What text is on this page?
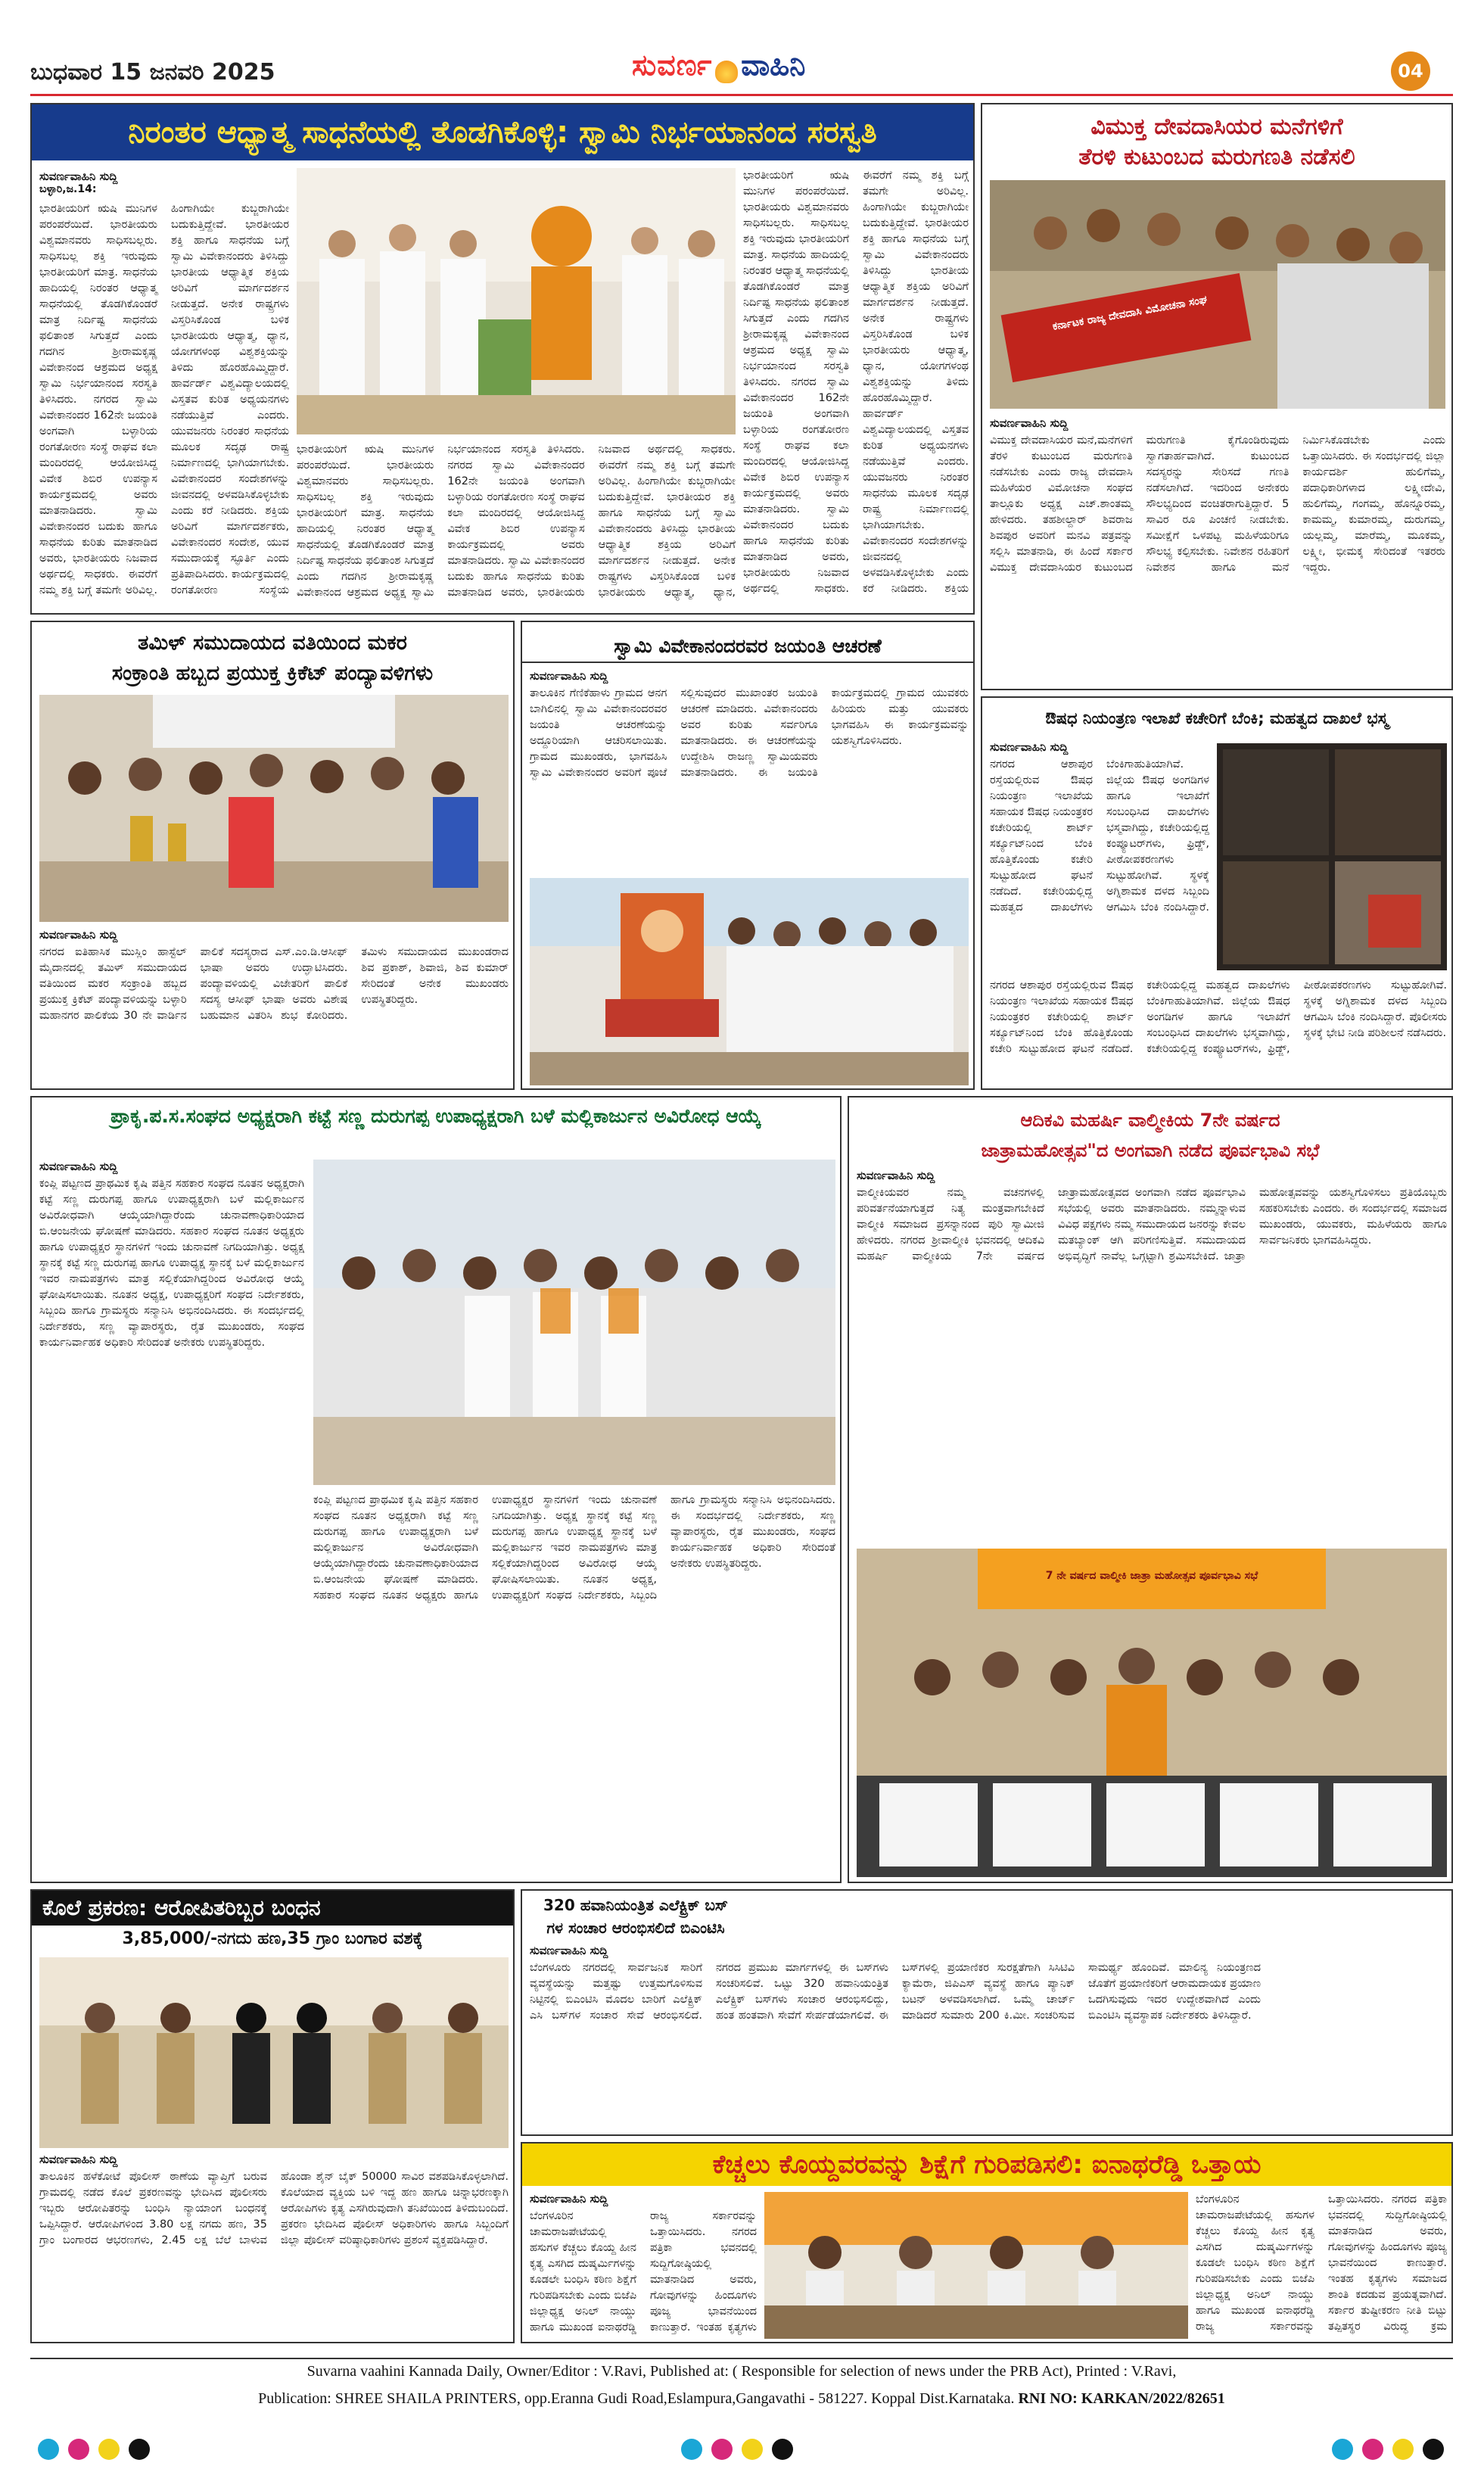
ಬುಧವಾರ 15 ಜನವರಿ 2025	ಸುವರ್ಣ ವಾಹಿನಿ	04
ನಿರಂತರ ಆಧ್ಯಾತ್ಮ ಸಾಧನೆಯಲ್ಲಿ ತೊಡಗಿಕೊಳ್ಳಿ: ಸ್ವಾಮಿ ನಿರ್ಭಯಾನಂದ ಸರಸ್ವತಿ
ಸುವರ್ಣವಾಹಿನಿ ಸುದ್ದಿ
ಬಳ್ಳಾರಿ,ಜ.14:
ಭಾರತೀಯರಿಗೆ ಋಷಿ ಮುನಿಗಳ ಪರಂಪರೆಯಿದೆ. ಭಾರತೀಯರು ವಿಶ್ವಮಾನವರು ಸಾಧಿಸಬಲ್ಲರು. ಸಾಧಿಸಬಲ್ಲ ಶಕ್ತಿ ಇರುವುದು ಭಾರತೀಯರಿಗೆ ಮಾತ್ರ. ಸಾಧನೆಯ ಹಾದಿಯಲ್ಲಿ ನಿರಂತರ ಆಧ್ಯಾತ್ಮ ಸಾಧನೆಯಲ್ಲಿ ತೊಡಗಿಕೊಂಡರೆ ಮಾತ್ರ ನಿರ್ದಿಷ್ಟ ಸಾಧನೆಯ ಫಲಿತಾಂಶ ಸಿಗುತ್ತದೆ ಎಂದು ಗದಗಿನ ಶ್ರೀರಾಮಕೃಷ್ಣ ವಿವೇಕಾನಂದ ಆಶ್ರಮದ ಅಧ್ಯಕ್ಷ ಸ್ವಾಮಿ ನಿರ್ಭಯಾನಂದ ಸರಸ್ವತಿ ತಿಳಿಸಿದರು. ನಗರದ ಸ್ವಾಮಿ ವಿವೇಕಾನಂದರ 162ನೇ ಜಯಂತಿ ಅಂಗವಾಗಿ ಬಳ್ಳಾರಿಯ ರಂಗತೋರಣ ಸಂಸ್ಥೆ ರಾಘವ ಕಲಾ ಮಂದಿರದಲ್ಲಿ ಆಯೋಜಿಸಿದ್ದ ವಿವೇಕ ಶಿಬಿರ ಉಪನ್ಯಾಸ ಕಾರ್ಯಕ್ರಮದಲ್ಲಿ ಅವರು ಮಾತನಾಡಿದರು. ಸ್ವಾಮಿ ವಿವೇಕಾನಂದರ ಬದುಕು ಹಾಗೂ ಸಾಧನೆಯ ಕುರಿತು ಮಾತನಾಡಿದ ಅವರು, ಭಾರತೀಯರು ನಿಜವಾದ ಅರ್ಥದಲ್ಲಿ ಸಾಧಕರು. ಈವರೆಗೆ ನಮ್ಮ ಶಕ್ತಿ ಬಗ್ಗೆ ತಮಗೇ ಅರಿವಿಲ್ಲ. ಹಿಂಗಾಗಿಯೇ ಕುಬ್ಜರಾಗಿಯೇ ಬದುಕುತ್ತಿದ್ದೇವೆ. ಭಾರತೀಯರ ಶಕ್ತಿ ಹಾಗೂ ಸಾಧನೆಯ ಬಗ್ಗೆ ಸ್ವಾಮಿ ವಿವೇಕಾನಂದರು ತಿಳಿಸಿದ್ದು ಭಾರತೀಯ ಆಧ್ಯಾತ್ಮಿಕ ಶಕ್ತಿಯ ಅರಿವಿಗೆ ಮಾರ್ಗದರ್ಶನ ನೀಡುತ್ತದೆ. ಅನೇಕ ರಾಷ್ಟ್ರಗಳು ವಿಸ್ತರಿಸಿಕೊಂಡ ಬಳಿಕ ಭಾರತೀಯರು ಆಧ್ಯಾತ್ಮ, ಧ್ಯಾನ, ಯೋಗಗಳಂಥ ವಿಶ್ವಶಕ್ತಿಯನ್ನು ತಿಳಿದು ಹೊರಹೊಮ್ಮಿದ್ದಾರೆ. ಹಾರ್ವರ್ಡ್ ವಿಶ್ವವಿದ್ಯಾಲಯದಲ್ಲಿ ವಿಸ್ತತವ ಕುರಿತ ಅಧ್ಯಯನಗಳು ನಡೆಯುತ್ತಿವೆ ಎಂದರು. ಯುವಜನರು ನಿರಂತರ ಸಾಧನೆಯ ಮೂಲಕ ಸದೃಢ ರಾಷ್ಟ್ರ ನಿರ್ಮಾಣದಲ್ಲಿ ಭಾಗಿಯಾಗಬೇಕು. ವಿವೇಕಾನಂದರ ಸಂದೇಶಗಳನ್ನು ಜೀವನದಲ್ಲಿ ಅಳವಡಿಸಿಕೊಳ್ಳಬೇಕು ಎಂದು ಕರೆ ನೀಡಿದರು. ಶಕ್ತಿಯ ಅರಿವಿಗೆ ಮಾರ್ಗದರ್ಶಕರು, ವಿವೇಕಾನಂದರ ಸಂದೇಶ, ಯುವ ಸಮುದಾಯಕ್ಕೆ ಸ್ಫೂರ್ತಿ ಎಂದು ಪ್ರತಿಪಾದಿಸಿದರು. ಕಾರ್ಯಕ್ರಮದಲ್ಲಿ ರಂಗತೋರಣ ಸಂಸ್ಥೆಯ
ಭಾರತೀಯರಿಗೆ ಋಷಿ ಮುನಿಗಳ ಪರಂಪರೆಯಿದೆ. ಭಾರತೀಯರು ವಿಶ್ವಮಾನವರು ಸಾಧಿಸಬಲ್ಲರು. ಸಾಧಿಸಬಲ್ಲ ಶಕ್ತಿ ಇರುವುದು ಭಾರತೀಯರಿಗೆ ಮಾತ್ರ. ಸಾಧನೆಯ ಹಾದಿಯಲ್ಲಿ ನಿರಂತರ ಆಧ್ಯಾತ್ಮ ಸಾಧನೆಯಲ್ಲಿ ತೊಡಗಿಕೊಂಡರೆ ಮಾತ್ರ ನಿರ್ದಿಷ್ಟ ಸಾಧನೆಯ ಫಲಿತಾಂಶ ಸಿಗುತ್ತದೆ ಎಂದು ಗದಗಿನ ಶ್ರೀರಾಮಕೃಷ್ಣ ವಿವೇಕಾನಂದ ಆಶ್ರಮದ ಅಧ್ಯಕ್ಷ ಸ್ವಾಮಿ ನಿರ್ಭಯಾನಂದ ಸರಸ್ವತಿ ತಿಳಿಸಿದರು. ನಗರದ ಸ್ವಾಮಿ ವಿವೇಕಾನಂದರ 162ನೇ ಜಯಂತಿ ಅಂಗವಾಗಿ ಬಳ್ಳಾರಿಯ ರಂಗತೋರಣ ಸಂಸ್ಥೆ ರಾಘವ ಕಲಾ ಮಂದಿರದಲ್ಲಿ ಆಯೋಜಿಸಿದ್ದ ವಿವೇಕ ಶಿಬಿರ ಉಪನ್ಯಾಸ ಕಾರ್ಯಕ್ರಮದಲ್ಲಿ ಅವರು ಮಾತನಾಡಿದರು. ಸ್ವಾಮಿ ವಿವೇಕಾನಂದರ ಬದುಕು ಹಾಗೂ ಸಾಧನೆಯ ಕುರಿತು ಮಾತನಾಡಿದ ಅವರು, ಭಾರತೀಯರು ನಿಜವಾದ ಅರ್ಥದಲ್ಲಿ ಸಾಧಕರು. ಈವರೆಗೆ ನಮ್ಮ ಶಕ್ತಿ ಬಗ್ಗೆ ತಮಗೇ ಅರಿವಿಲ್ಲ. ಹಿಂಗಾಗಿಯೇ ಕುಬ್ಜರಾಗಿಯೇ ಬದುಕುತ್ತಿದ್ದೇವೆ. ಭಾರತೀಯರ ಶಕ್ತಿ ಹಾಗೂ ಸಾಧನೆಯ ಬಗ್ಗೆ ಸ್ವಾಮಿ ವಿವೇಕಾನಂದರು ತಿಳಿಸಿದ್ದು ಭಾರತೀಯ ಆಧ್ಯಾತ್ಮಿಕ ಶಕ್ತಿಯ ಅರಿವಿಗೆ ಮಾರ್ಗದರ್ಶನ ನೀಡುತ್ತದೆ. ಅನೇಕ ರಾಷ್ಟ್ರಗಳು ವಿಸ್ತರಿಸಿಕೊಂಡ ಬಳಿಕ ಭಾರತೀಯರು ಆಧ್ಯಾತ್ಮ, ಧ್ಯಾನ,
ಭಾರತೀಯರಿಗೆ ಋಷಿ ಮುನಿಗಳ ಪರಂಪರೆಯಿದೆ. ಭಾರತೀಯರು ವಿಶ್ವಮಾನವರು ಸಾಧಿಸಬಲ್ಲರು. ಸಾಧಿಸಬಲ್ಲ ಶಕ್ತಿ ಇರುವುದು ಭಾರತೀಯರಿಗೆ ಮಾತ್ರ. ಸಾಧನೆಯ ಹಾದಿಯಲ್ಲಿ ನಿರಂತರ ಆಧ್ಯಾತ್ಮ ಸಾಧನೆಯಲ್ಲಿ ತೊಡಗಿಕೊಂಡರೆ ಮಾತ್ರ ನಿರ್ದಿಷ್ಟ ಸಾಧನೆಯ ಫಲಿತಾಂಶ ಸಿಗುತ್ತದೆ ಎಂದು ಗದಗಿನ ಶ್ರೀರಾಮಕೃಷ್ಣ ವಿವೇಕಾನಂದ ಆಶ್ರಮದ ಅಧ್ಯಕ್ಷ ಸ್ವಾಮಿ ನಿರ್ಭಯಾನಂದ ಸರಸ್ವತಿ ತಿಳಿಸಿದರು. ನಗರದ ಸ್ವಾಮಿ ವಿವೇಕಾನಂದರ 162ನೇ ಜಯಂತಿ ಅಂಗವಾಗಿ ಬಳ್ಳಾರಿಯ ರಂಗತೋರಣ ಸಂಸ್ಥೆ ರಾಘವ ಕಲಾ ಮಂದಿರದಲ್ಲಿ ಆಯೋಜಿಸಿದ್ದ ವಿವೇಕ ಶಿಬಿರ ಉಪನ್ಯಾಸ ಕಾರ್ಯಕ್ರಮದಲ್ಲಿ ಅವರು ಮಾತನಾಡಿದರು. ಸ್ವಾಮಿ ವಿವೇಕಾನಂದರ ಬದುಕು ಹಾಗೂ ಸಾಧನೆಯ ಕುರಿತು ಮಾತನಾಡಿದ ಅವರು, ಭಾರತೀಯರು ನಿಜವಾದ ಅರ್ಥದಲ್ಲಿ ಸಾಧಕರು. ಈವರೆಗೆ ನಮ್ಮ ಶಕ್ತಿ ಬಗ್ಗೆ ತಮಗೇ ಅರಿವಿಲ್ಲ. ಹಿಂಗಾಗಿಯೇ ಕುಬ್ಜರಾಗಿಯೇ ಬದುಕುತ್ತಿದ್ದೇವೆ. ಭಾರತೀಯರ ಶಕ್ತಿ ಹಾಗೂ ಸಾಧನೆಯ ಬಗ್ಗೆ ಸ್ವಾಮಿ ವಿವೇಕಾನಂದರು ತಿಳಿಸಿದ್ದು ಭಾರತೀಯ ಆಧ್ಯಾತ್ಮಿಕ ಶಕ್ತಿಯ ಅರಿವಿಗೆ ಮಾರ್ಗದರ್ಶನ ನೀಡುತ್ತದೆ. ಅನೇಕ ರಾಷ್ಟ್ರಗಳು ವಿಸ್ತರಿಸಿಕೊಂಡ ಬಳಿಕ ಭಾರತೀಯರು ಆಧ್ಯಾತ್ಮ, ಧ್ಯಾನ, ಯೋಗಗಳಂಥ ವಿಶ್ವಶಕ್ತಿಯನ್ನು ತಿಳಿದು ಹೊರಹೊಮ್ಮಿದ್ದಾರೆ. ಹಾರ್ವರ್ಡ್ ವಿಶ್ವವಿದ್ಯಾಲಯದಲ್ಲಿ ವಿಸ್ತತವ ಕುರಿತ ಅಧ್ಯಯನಗಳು ನಡೆಯುತ್ತಿವೆ ಎಂದರು. ಯುವಜನರು ನಿರಂತರ ಸಾಧನೆಯ ಮೂಲಕ ಸದೃಢ ರಾಷ್ಟ್ರ ನಿರ್ಮಾಣದಲ್ಲಿ ಭಾಗಿಯಾಗಬೇಕು. ವಿವೇಕಾನಂದರ ಸಂದೇಶಗಳನ್ನು ಜೀವನದಲ್ಲಿ ಅಳವಡಿಸಿಕೊಳ್ಳಬೇಕು ಎಂದು ಕರೆ ನೀಡಿದರು. ಶಕ್ತಿಯ
ವಿಮುಕ್ತ ದೇವದಾಸಿಯರ ಮನೆಗಳಿಗೆ
ತೆರಳಿ ಕುಟುಂಬದ ಮರುಗಣತಿ ನಡೆಸಲಿ
ಕರ್ನಾಟಕ ರಾಜ್ಯ ದೇವದಾಸಿ ವಿಮೋಚನಾ ಸಂಘ
ಸುವರ್ಣವಾಹಿನಿ ಸುದ್ದಿ
ವಿಮುಕ್ತ ದೇವದಾಸಿಯರ ಮನೆ,ಮನೆಗಳಿಗೆ ತೆರಳಿ ಕುಟುಂಬದ ಮರುಗಣತಿ ನಡೆಸಬೇಕು ಎಂದು ರಾಜ್ಯ ದೇವದಾಸಿ ಮಹಿಳೆಯರ ವಿಮೋಚನಾ ಸಂಘದ ತಾಲ್ಲೂಕು ಅಧ್ಯಕ್ಷ ಎಚ್.ಶಾಂತಮ್ಮ ಹೇಳಿದರು. ತಹಶೀಲ್ದಾರ್ ಶಿವರಾಜ ಶಿವಪುರ ಅವರಿಗೆ ಮನವಿ ಪತ್ರವನ್ನು ಸಲ್ಲಿಸಿ ಮಾತನಾಡಿ, ಈ ಹಿಂದೆ ಸರ್ಕಾರ ವಿಮುಕ್ತ ದೇವದಾಸಿಯರ ಕುಟುಂಬದ ಮರುಗಣತಿ ಕೈಗೊಂಡಿರುವುದು ಸ್ವಾಗತಾರ್ಹವಾಗಿದೆ. ಕುಟುಂಬದ ಸದಸ್ಯರನ್ನು ಸೇರಿಸದೆ ಗಣತಿ ನಡೆಸಲಾಗಿದೆ. ಇದರಿಂದ ಅನೇಕರು ಸೌಲಭ್ಯದಿಂದ ವಂಚಿತರಾಗುತ್ತಿದ್ದಾರೆ. 5 ಸಾವಿರ ರೂ ಪಿಂಚಣಿ ನೀಡಬೇಕು. ಸಮೀಕ್ಷೆಗೆ ಒಳಪಟ್ಟ ಮಹಿಳೆಯರಿಗೂ ಸೌಲಭ್ಯ ಕಲ್ಪಿಸಬೇಕು. ನಿವೇಶನ ರಹಿತರಿಗೆ ನಿವೇಶನ ಹಾಗೂ ಮನೆ ನಿರ್ಮಿಸಿಕೊಡಬೇಕು ಎಂದು ಒತ್ತಾಯಿಸಿದರು. ಈ ಸಂದರ್ಭದಲ್ಲಿ ಜಿಲ್ಲಾ ಕಾರ್ಯದರ್ಶಿ ಹುಲಿಗೆಮ್ಮ, ಪದಾಧಿಕಾರಿಗಳಾದ ಲಕ್ಷ್ಮೀದೇವಿ, ಹುಲಿಗೆಮ್ಮ, ಗಂಗಮ್ಮ, ಹೊನ್ನೂರಮ್ಮ, ಕಾಮಮ್ಮ, ಕುಮಾರಮ್ಮ, ದುರುಗಮ್ಮ, ಯಲ್ಲಮ್ಮ, ಮಾರೆಮ್ಮ, ಮೂಕಮ್ಮ, ಲಕ್ಷ್ಮೀ, ಭೀಮಕ್ಕ ಸೇರಿದಂತೆ ಇತರರು ಇದ್ದರು.
ತಮಿಳ್ ಸಮುದಾಯದ ವತಿಯಿಂದ ಮಕರ
ಸಂಕ್ರಾಂತಿ ಹಬ್ಬದ ಪ್ರಯುಕ್ತ ಕ್ರಿಕೆಟ್ ಪಂದ್ಯಾವಳಿಗಳು
ಸುವರ್ಣವಾಹಿನಿ ಸುದ್ದಿ
ನಗರದ ಐತಿಹಾಸಿಕ ಮುಸ್ಲಿಂ ಹಾಸ್ಟೆಲ್ ಮೈದಾನದಲ್ಲಿ ತಮಿಳ್ ಸಮುದಾಯದ ವತಿಯಿಂದ ಮಕರ ಸಂಕ್ರಾಂತಿ ಹಬ್ಬದ ಪ್ರಯುಕ್ತ ಕ್ರಿಕೆಟ್ ಪಂದ್ಯಾವಳಿಯನ್ನು ಬಳ್ಳಾರಿ ಮಹಾನಗರ ಪಾಲಿಕೆಯ 30 ನೇ ವಾರ್ಡಿನ ಪಾಲಿಕೆ ಸದಸ್ಯರಾದ ಎಸ್.ಎಂ.ಡಿ.ಆಸೀಫ್ ಭಾಷಾ ಅವರು ಉದ್ಘಾಟಿಸಿದರು. ಪಂದ್ಯಾವಳಿಯಲ್ಲಿ ವಿಜೇತರಿಗೆ ಪಾಲಿಕೆ ಸದಸ್ಯ ಆಸೀಫ್ ಭಾಷಾ ಅವರು ವಿಶೇಷ ಬಹುಮಾನ ವಿತರಿಸಿ ಶುಭ ಕೋರಿದರು. ತಮಿಳು ಸಮುದಾಯದ ಮುಖಂಡರಾದ ಶಿವ ಪ್ರಕಾಶ್, ಶಿವಾಜಿ, ಶಿವ ಕುಮಾರ್ ಸೇರಿದಂತೆ ಅನೇಕ ಮುಖಂಡರು ಉಪಸ್ಥಿತರಿದ್ದರು.
ಸ್ವಾಮಿ ವಿವೇಕಾನಂದರವರ ಜಯಂತಿ ಆಚರಣೆ
ಸುವರ್ಣವಾಹಿನಿ ಸುದ್ದಿ
ತಾಲೂಕಿನ ಗೆಣಿಕೆಹಾಳು ಗ್ರಾಮದ ಆನಗ ಬಾಗಿಲಿನಲ್ಲಿ ಸ್ವಾಮಿ ವಿವೇಕಾನಂದರವರ ಜಯಂತಿ ಆಚರಣೆಯನ್ನು ಅದ್ದೂರಿಯಾಗಿ ಆಚರಿಸಲಾಯಿತು. ಗ್ರಾಮದ ಮುಖಂಡರು, ಭಾಗವಹಿಸಿ ಸ್ವಾಮಿ ವಿವೇಕಾನಂದರ ಅವರಿಗೆ ಪೂಜೆ ಸಲ್ಲಿಸುವುದರ ಮುಖಾಂತರ ಜಯಂತಿ ಆಚರಣೆ ಮಾಡಿದರು. ವಿವೇಕಾನಂದರು ಅವರ ಕುರಿತು ಸರ್ವರಿಗೂ ಮಾತನಾಡಿದರು. ಈ ಆಚರಣೆಯನ್ನು ಉದ್ದೇಶಿಸಿ ರಾಜಣ್ಣ ಸ್ವಾಮಿಯವರು ಮಾತನಾಡಿದರು. ಈ ಜಯಂತಿ ಕಾರ್ಯಕ್ರಮದಲ್ಲಿ ಗ್ರಾಮದ ಯುವಕರು ಹಿರಿಯರು ಮತ್ತು ಯುವಕರು ಭಾಗವಹಿಸಿ ಈ ಕಾರ್ಯಕ್ರಮವನ್ನು ಯಶಸ್ವಿಗೊಳಿಸಿದರು.
ಔಷಧ ನಿಯಂತ್ರಣ ಇಲಾಖೆ ಕಚೇರಿಗೆ ಬೆಂಕಿ; ಮಹತ್ವದ ದಾಖಲೆ ಭಸ್ಮ
ಸುವರ್ಣವಾಹಿನಿ ಸುದ್ದಿ
ನಗರದ ಆಶಾಪುರ ರಸ್ತೆಯಲ್ಲಿರುವ ಔಷಧ ನಿಯಂತ್ರಣ ಇಲಾಖೆಯ ಸಹಾಯಕ ಔಷಧ ನಿಯಂತ್ರಕರ ಕಚೇರಿಯಲ್ಲಿ ಶಾರ್ಟ್ ಸರ್ಕ್ಯೂಟ್‌ನಿಂದ ಬೆಂಕಿ ಹೊತ್ತಿಕೊಂಡು ಕಚೇರಿ ಸುಟ್ಟುಹೋದ ಘಟನೆ ನಡೆದಿದೆ. ಕಚೇರಿಯಲ್ಲಿದ್ದ ಮಹತ್ವದ ದಾಖಲೆಗಳು ಬೆಂಕಿಗಾಹುತಿಯಾಗಿವೆ. ಜಿಲ್ಲೆಯ ಔಷಧ ಅಂಗಡಿಗಳ ಹಾಗೂ ಇಲಾಖೆಗೆ ಸಂಬಂಧಿಸಿದ ದಾಖಲೆಗಳು ಭಸ್ಮವಾಗಿದ್ದು, ಕಚೇರಿಯಲ್ಲಿದ್ದ ಕಂಪ್ಯೂಟರ್‌ಗಳು, ಫ್ರಿಡ್ಜ್, ಪೀಠೋಪಕರಣಗಳು ಸುಟ್ಟುಹೋಗಿವೆ. ಸ್ಥಳಕ್ಕೆ ಅಗ್ನಿಶಾಮಕ ದಳದ ಸಿಬ್ಬಂದಿ ಆಗಮಿಸಿ ಬೆಂಕಿ ನಂದಿಸಿದ್ದಾರೆ.
ನಗರದ ಆಶಾಪುರ ರಸ್ತೆಯಲ್ಲಿರುವ ಔಷಧ ನಿಯಂತ್ರಣ ಇಲಾಖೆಯ ಸಹಾಯಕ ಔಷಧ ನಿಯಂತ್ರಕರ ಕಚೇರಿಯಲ್ಲಿ ಶಾರ್ಟ್ ಸರ್ಕ್ಯೂಟ್‌ನಿಂದ ಬೆಂಕಿ ಹೊತ್ತಿಕೊಂಡು ಕಚೇರಿ ಸುಟ್ಟುಹೋದ ಘಟನೆ ನಡೆದಿದೆ. ಕಚೇರಿಯಲ್ಲಿದ್ದ ಮಹತ್ವದ ದಾಖಲೆಗಳು ಬೆಂಕಿಗಾಹುತಿಯಾಗಿವೆ. ಜಿಲ್ಲೆಯ ಔಷಧ ಅಂಗಡಿಗಳ ಹಾಗೂ ಇಲಾಖೆಗೆ ಸಂಬಂಧಿಸಿದ ದಾಖಲೆಗಳು ಭಸ್ಮವಾಗಿದ್ದು, ಕಚೇರಿಯಲ್ಲಿದ್ದ ಕಂಪ್ಯೂಟರ್‌ಗಳು, ಫ್ರಿಡ್ಜ್, ಪೀಠೋಪಕರಣಗಳು ಸುಟ್ಟುಹೋಗಿವೆ. ಸ್ಥಳಕ್ಕೆ ಅಗ್ನಿಶಾಮಕ ದಳದ ಸಿಬ್ಬಂದಿ ಆಗಮಿಸಿ ಬೆಂಕಿ ನಂದಿಸಿದ್ದಾರೆ. ಪೊಲೀಸರು ಸ್ಥಳಕ್ಕೆ ಭೇಟಿ ನೀಡಿ ಪರಿಶೀಲನೆ ನಡೆಸಿದರು.
ಪ್ರಾಕೃ.ಪ.ಸ.ಸಂಘದ ಅಧ್ಯಕ್ಷರಾಗಿ ಕಟ್ಟೆ ಸಣ್ಣ ದುರುಗಪ್ಪ ಉಪಾಧ್ಯಕ್ಷರಾಗಿ ಬಳೆ ಮಲ್ಲಿಕಾರ್ಜುನ ಅವಿರೋಧ ಆಯ್ಕೆ
ಸುವರ್ಣವಾಹಿನಿ ಸುದ್ದಿ
ಕಂಪ್ಲಿ ಪಟ್ಟಣದ ಪ್ರಾಥಮಿಕ ಕೃಷಿ ಪತ್ತಿನ ಸಹಕಾರ ಸಂಘದ ನೂತನ ಅಧ್ಯಕ್ಷರಾಗಿ ಕಟ್ಟೆ ಸಣ್ಣ ದುರುಗಪ್ಪ ಹಾಗೂ ಉಪಾಧ್ಯಕ್ಷರಾಗಿ ಬಳೆ ಮಲ್ಲಿಕಾರ್ಜುನ ಅವಿರೋಧವಾಗಿ ಆಯ್ಕೆಯಾಗಿದ್ದಾರೆಂದು ಚುನಾವಣಾಧಿಕಾರಿಯಾದ ಬಿ.ಆಂಜನೇಯ ಘೋಷಣೆ ಮಾಡಿದರು. ಸಹಕಾರ ಸಂಘದ ನೂತನ ಅಧ್ಯಕ್ಷರು ಹಾಗೂ ಉಪಾಧ್ಯಕ್ಷರ ಸ್ಥಾನಗಳಿಗೆ ಇಂದು ಚುನಾವಣೆ ನಿಗದಿಯಾಗಿತ್ತು. ಅಧ್ಯಕ್ಷ ಸ್ಥಾನಕ್ಕೆ ಕಟ್ಟೆ ಸಣ್ಣ ದುರುಗಪ್ಪ ಹಾಗೂ ಉಪಾಧ್ಯಕ್ಷ ಸ್ಥಾನಕ್ಕೆ ಬಳೆ ಮಲ್ಲಿಕಾರ್ಜುನ ಇವರ ನಾಮಪತ್ರಗಳು ಮಾತ್ರ ಸಲ್ಲಿಕೆಯಾಗಿದ್ದರಿಂದ ಅವಿರೋಧ ಆಯ್ಕೆ ಘೋಷಿಸಲಾಯಿತು. ನೂತನ ಅಧ್ಯಕ್ಷ, ಉಪಾಧ್ಯಕ್ಷರಿಗೆ ಸಂಘದ ನಿರ್ದೇಶಕರು, ಸಿಬ್ಬಂದಿ ಹಾಗೂ ಗ್ರಾಮಸ್ಥರು ಸನ್ಮಾನಿಸಿ ಅಭಿನಂದಿಸಿದರು. ಈ ಸಂದರ್ಭದಲ್ಲಿ ನಿರ್ದೇಶಕರು, ಸಣ್ಣ ವ್ಯಾಪಾರಸ್ಥರು, ರೈತ ಮುಖಂಡರು, ಸಂಘದ ಕಾರ್ಯನಿರ್ವಾಹಕ ಅಧಿಕಾರಿ ಸೇರಿದಂತೆ ಅನೇಕರು ಉಪಸ್ಥಿತರಿದ್ದರು.
ಕಂಪ್ಲಿ ಪಟ್ಟಣದ ಪ್ರಾಥಮಿಕ ಕೃಷಿ ಪತ್ತಿನ ಸಹಕಾರ ಸಂಘದ ನೂತನ ಅಧ್ಯಕ್ಷರಾಗಿ ಕಟ್ಟೆ ಸಣ್ಣ ದುರುಗಪ್ಪ ಹಾಗೂ ಉಪಾಧ್ಯಕ್ಷರಾಗಿ ಬಳೆ ಮಲ್ಲಿಕಾರ್ಜುನ ಅವಿರೋಧವಾಗಿ ಆಯ್ಕೆಯಾಗಿದ್ದಾರೆಂದು ಚುನಾವಣಾಧಿಕಾರಿಯಾದ ಬಿ.ಆಂಜನೇಯ ಘೋಷಣೆ ಮಾಡಿದರು. ಸಹಕಾರ ಸಂಘದ ನೂತನ ಅಧ್ಯಕ್ಷರು ಹಾಗೂ ಉಪಾಧ್ಯಕ್ಷರ ಸ್ಥಾನಗಳಿಗೆ ಇಂದು ಚುನಾವಣೆ ನಿಗದಿಯಾಗಿತ್ತು. ಅಧ್ಯಕ್ಷ ಸ್ಥಾನಕ್ಕೆ ಕಟ್ಟೆ ಸಣ್ಣ ದುರುಗಪ್ಪ ಹಾಗೂ ಉಪಾಧ್ಯಕ್ಷ ಸ್ಥಾನಕ್ಕೆ ಬಳೆ ಮಲ್ಲಿಕಾರ್ಜುನ ಇವರ ನಾಮಪತ್ರಗಳು ಮಾತ್ರ ಸಲ್ಲಿಕೆಯಾಗಿದ್ದರಿಂದ ಅವಿರೋಧ ಆಯ್ಕೆ ಘೋಷಿಸಲಾಯಿತು. ನೂತನ ಅಧ್ಯಕ್ಷ, ಉಪಾಧ್ಯಕ್ಷರಿಗೆ ಸಂಘದ ನಿರ್ದೇಶಕರು, ಸಿಬ್ಬಂದಿ ಹಾಗೂ ಗ್ರಾಮಸ್ಥರು ಸನ್ಮಾನಿಸಿ ಅಭಿನಂದಿಸಿದರು. ಈ ಸಂದರ್ಭದಲ್ಲಿ ನಿರ್ದೇಶಕರು, ಸಣ್ಣ ವ್ಯಾಪಾರಸ್ಥರು, ರೈತ ಮುಖಂಡರು, ಸಂಘದ ಕಾರ್ಯನಿರ್ವಾಹಕ ಅಧಿಕಾರಿ ಸೇರಿದಂತೆ ಅನೇಕರು ಉಪಸ್ಥಿತರಿದ್ದರು.
ಆದಿಕವಿ ಮಹರ್ಷಿ ವಾಲ್ಮೀಕಿಯ 7ನೇ ವರ್ಷದ
ಜಾತ್ರಾಮಹೋತ್ಸವ"ದ ಅಂಗವಾಗಿ ನಡೆದ ಪೂರ್ವಭಾವಿ ಸಭೆ
ಸುವರ್ಣವಾಹಿನಿ ಸುದ್ದಿ
ವಾಲ್ಮೀಕಿಯವರ ನಮ್ಮ ವಚನಗಳಲ್ಲಿ ಪರಿವರ್ತನೆಯಾಗುತ್ತದೆ ನಿತ್ಯ ಮಂತ್ರವಾಗಬೇಕಿದೆ ವಾಲ್ಮೀಕಿ ಸಮಾಜದ ಪ್ರಸನ್ನಾನಂದ ಪುರಿ ಸ್ವಾಮೀಜಿ ಹೇಳಿದರು. ನಗರದ ಶ್ರೀವಾಲ್ಮೀಕಿ ಭವನದಲ್ಲಿ ಆದಿಕವಿ ಮಹರ್ಷಿ ವಾಲ್ಮೀಕಿಯ 7ನೇ ವರ್ಷದ ಜಾತ್ರಾಮಹೋತ್ಸವದ ಅಂಗವಾಗಿ ನಡೆದ ಪೂರ್ವಭಾವಿ ಸಭೆಯಲ್ಲಿ ಅವರು ಮಾತನಾಡಿದರು. ನಮ್ಮನ್ನಾಳುವ ವಿವಿಧ ಪಕ್ಷಗಳು ನಮ್ಮ ಸಮುದಾಯದ ಜನರನ್ನು ಕೇವಲ ಮತಬ್ಯಾಂಕ್ ಆಗಿ ಪರಿಗಣಿಸುತ್ತಿವೆ. ಸಮುದಾಯದ ಅಭಿವೃದ್ಧಿಗೆ ನಾವೆಲ್ಲ ಒಗ್ಗಟ್ಟಾಗಿ ಶ್ರಮಿಸಬೇಕಿದೆ. ಜಾತ್ರಾ ಮಹೋತ್ಸವವನ್ನು ಯಶಸ್ವಿಗೊಳಿಸಲು ಪ್ರತಿಯೊಬ್ಬರು ಸಹಕರಿಸಬೇಕು ಎಂದರು. ಈ ಸಂದರ್ಭದಲ್ಲಿ ಸಮಾಜದ ಮುಖಂಡರು, ಯುವಕರು, ಮಹಿಳೆಯರು ಹಾಗೂ ಸಾರ್ವಜನಿಕರು ಭಾಗವಹಿಸಿದ್ದರು.
7 ನೇ ವರ್ಷದ ವಾಲ್ಮೀಕಿ ಜಾತ್ರಾ ಮಹೋತ್ಸವ ಪೂರ್ವಭಾವಿ ಸಭೆ
ಕೊಲೆ ಪ್ರಕರಣ: ಆರೋಪಿತರಿಬ್ಬರ ಬಂಧನ
3,85,000/-ನಗದು ಹಣ,35 ಗ್ರಾಂ ಬಂಗಾರ ವಶಕ್ಕೆ
ಸುವರ್ಣವಾಹಿನಿ ಸುದ್ದಿ
ತಾಲೂಕಿನ ಹಳೆಕೋಟೆ ಪೊಲೀಸ್ ಠಾಣೆಯ ವ್ಯಾಪ್ತಿಗೆ ಬರುವ ಗ್ರಾಮದಲ್ಲಿ ನಡೆದ ಕೊಲೆ ಪ್ರಕರಣವನ್ನು ಭೇದಿಸಿದ ಪೊಲೀಸರು ಇಬ್ಬರು ಆರೋಪಿತರನ್ನು ಬಂಧಿಸಿ ನ್ಯಾಯಾಂಗ ಬಂಧನಕ್ಕೆ ಒಪ್ಪಿಸಿದ್ದಾರೆ. ಆರೋಪಿಗಳಿಂದ 3.80 ಲಕ್ಷ ನಗದು ಹಣ, 35 ಗ್ರಾಂ ಬಂಗಾರದ ಆಭರಣಗಳು, 2.45 ಲಕ್ಷ ಬೆಲೆ ಬಾಳುವ ಹೊಂಡಾ ಶೈನ್ ಬೈಕ್ 50000 ಸಾವಿರ ವಶಪಡಿಸಿಕೊಳ್ಳಲಾಗಿದೆ. ಕೊಲೆಯಾದ ವ್ಯಕ್ತಿಯ ಬಳಿ ಇದ್ದ ಹಣ ಹಾಗೂ ಚಿನ್ನಾಭರಣಕ್ಕಾಗಿ ಆರೋಪಿಗಳು ಕೃತ್ಯ ಎಸಗಿರುವುದಾಗಿ ತನಿಖೆಯಿಂದ ತಿಳಿದುಬಂದಿದೆ. ಪ್ರಕರಣ ಭೇದಿಸಿದ ಪೊಲೀಸ್ ಅಧಿಕಾರಿಗಳು ಹಾಗೂ ಸಿಬ್ಬಂದಿಗೆ ಜಿಲ್ಲಾ ಪೊಲೀಸ್ ವರಿಷ್ಠಾಧಿಕಾರಿಗಳು ಪ್ರಶಂಸೆ ವ್ಯಕ್ತಪಡಿಸಿದ್ದಾರೆ.
320 ಹವಾನಿಯಂತ್ರಿತ ಎಲೆಕ್ಟ್ರಿಕ್ ಬಸ್
ಗಳ ಸಂಚಾರ ಆರಂಭಿಸಲಿದೆ ಬಿಎಂಟಿಸಿ
ಸುವರ್ಣವಾಹಿನಿ ಸುದ್ದಿ
ಬೆಂಗಳೂರು ನಗರದಲ್ಲಿ ಸಾರ್ವಜನಿಕ ಸಾರಿಗೆ ವ್ಯವಸ್ಥೆಯನ್ನು ಮತ್ತಷ್ಟು ಉತ್ತಮಗೊಳಿಸುವ ನಿಟ್ಟಿನಲ್ಲಿ ಬಿಎಂಟಿಸಿ ಮೊದಲ ಬಾರಿಗೆ ಎಲೆಕ್ಟ್ರಿಕ್ ಎಸಿ ಬಸ್‌ಗಳ ಸಂಚಾರ ಸೇವೆ ಆರಂಭಿಸಲಿದೆ. ನಗರದ ಪ್ರಮುಖ ಮಾರ್ಗಗಳಲ್ಲಿ ಈ ಬಸ್‌ಗಳು ಸಂಚರಿಸಲಿವೆ. ಒಟ್ಟು 320 ಹವಾನಿಯಂತ್ರಿತ ಎಲೆಕ್ಟ್ರಿಕ್ ಬಸ್‌ಗಳು ಸಂಚಾರ ಆರಂಭಿಸಲಿದ್ದು, ಹಂತ ಹಂತವಾಗಿ ಸೇವೆಗೆ ಸೇರ್ಪಡೆಯಾಗಲಿವೆ. ಈ ಬಸ್‌ಗಳಲ್ಲಿ ಪ್ರಯಾಣಿಕರ ಸುರಕ್ಷತೆಗಾಗಿ ಸಿಸಿಟಿವಿ ಕ್ಯಾಮೆರಾ, ಜಿಪಿಎಸ್ ವ್ಯವಸ್ಥೆ ಹಾಗೂ ಪ್ಯಾನಿಕ್ ಬಟನ್ ಅಳವಡಿಸಲಾಗಿದೆ. ಒಮ್ಮೆ ಚಾರ್ಜ್ ಮಾಡಿದರೆ ಸುಮಾರು 200 ಕಿ.ಮೀ. ಸಂಚರಿಸುವ ಸಾಮರ್ಥ್ಯ ಹೊಂದಿವೆ. ಮಾಲಿನ್ಯ ನಿಯಂತ್ರಣದ ಜೊತೆಗೆ ಪ್ರಯಾಣಿಕರಿಗೆ ಆರಾಮದಾಯಕ ಪ್ರಯಾಣ ಒದಗಿಸುವುದು ಇದರ ಉದ್ದೇಶವಾಗಿದೆ ಎಂದು ಬಿಎಂಟಿಸಿ ವ್ಯವಸ್ಥಾಪಕ ನಿರ್ದೇಶಕರು ತಿಳಿಸಿದ್ದಾರೆ.
ಕೆಚ್ಚಲು ಕೊಯ್ದವರವನ್ನು ಶಿಕ್ಷೆಗೆ ಗುರಿಪಡಿಸಲಿ: ಐನಾಥರೆಡ್ಡಿ ಒತ್ತಾಯ
ಸುವರ್ಣವಾಹಿನಿ ಸುದ್ದಿ
ಬೆಂಗಳೂರಿನ ಚಾಮರಾಜಪೇಟೆಯಲ್ಲಿ ಹಸುಗಳ ಕೆಚ್ಚಲು ಕೊಯ್ದ ಹೀನ ಕೃತ್ಯ ಎಸಗಿದ ದುಷ್ಕರ್ಮಿಗಳನ್ನು ಕೂಡಲೇ ಬಂಧಿಸಿ ಕಠಿಣ ಶಿಕ್ಷೆಗೆ ಗುರಿಪಡಿಸಬೇಕು ಎಂದು ಬಿಜೆಪಿ ಜಿಲ್ಲಾಧ್ಯಕ್ಷ ಅನಿಲ್ ನಾಯ್ಡು ಹಾಗೂ ಮುಖಂಡ ಐನಾಥರೆಡ್ಡಿ ರಾಜ್ಯ ಸರ್ಕಾರವನ್ನು ಒತ್ತಾಯಿಸಿದರು. ನಗರದ ಪತ್ರಿಕಾ ಭವನದಲ್ಲಿ ಸುದ್ದಿಗೋಷ್ಠಿಯಲ್ಲಿ ಮಾತನಾಡಿದ ಅವರು, ಗೋವುಗಳನ್ನು ಹಿಂದೂಗಳು ಪೂಜ್ಯ ಭಾವನೆಯಿಂದ ಕಾಣುತ್ತಾರೆ. ಇಂತಹ ಕೃತ್ಯಗಳು
ಬೆಂಗಳೂರಿನ ಚಾಮರಾಜಪೇಟೆಯಲ್ಲಿ ಹಸುಗಳ ಕೆಚ್ಚಲು ಕೊಯ್ದ ಹೀನ ಕೃತ್ಯ ಎಸಗಿದ ದುಷ್ಕರ್ಮಿಗಳನ್ನು ಕೂಡಲೇ ಬಂಧಿಸಿ ಕಠಿಣ ಶಿಕ್ಷೆಗೆ ಗುರಿಪಡಿಸಬೇಕು ಎಂದು ಬಿಜೆಪಿ ಜಿಲ್ಲಾಧ್ಯಕ್ಷ ಅನಿಲ್ ನಾಯ್ಡು ಹಾಗೂ ಮುಖಂಡ ಐನಾಥರೆಡ್ಡಿ ರಾಜ್ಯ ಸರ್ಕಾರವನ್ನು ಒತ್ತಾಯಿಸಿದರು. ನಗರದ ಪತ್ರಿಕಾ ಭವನದಲ್ಲಿ ಸುದ್ದಿಗೋಷ್ಠಿಯಲ್ಲಿ ಮಾತನಾಡಿದ ಅವರು, ಗೋವುಗಳನ್ನು ಹಿಂದೂಗಳು ಪೂಜ್ಯ ಭಾವನೆಯಿಂದ ಕಾಣುತ್ತಾರೆ. ಇಂತಹ ಕೃತ್ಯಗಳು ಸಮಾಜದ ಶಾಂತಿ ಕದಡುವ ಪ್ರಯತ್ನವಾಗಿದೆ. ಸರ್ಕಾರ ತುಷ್ಟೀಕರಣ ನೀತಿ ಬಿಟ್ಟು ತಪ್ಪಿತಸ್ಥರ ವಿರುದ್ಧ ಕ್ರಮ
Suvarna vaahini Kannada Daily, Owner/Editor : V.Ravi, Published at: ( Responsible for selection of news under the PRB Act), Printed : V.Ravi,
Publication: SHREE SHAILA PRINTERS, opp.Eranna Gudi Road,Eslampura,Gangavathi - 581227. Koppal Dist.Karnataka. RNI NO: KARKAN/2022/82651
